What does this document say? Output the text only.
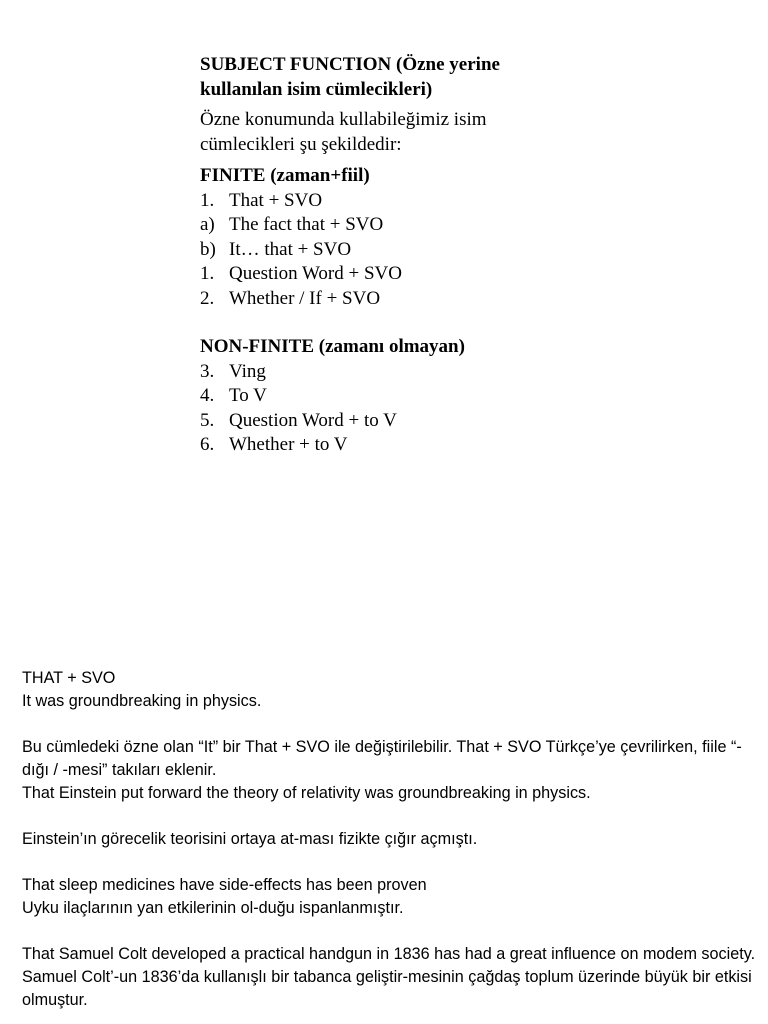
SUBJECT FUNCTION (Özne yerine kullanılan isim cümlecikleri)

Özne konumunda kullabileğimiz isim cümlecikleri şu şekildedir:

FINITE (zaman+fiil)

1. That + SVO
a) The fact that + SVO
b) It… that + SVO
1. Question Word + SVO
2. Whether / If + SVO

NON-FINITE (zamanı olmayan)

3. Ving
4. To V
5. Question Word + to V
6. Whether + to V

THAT + SVO

It was groundbreaking in physics.

Bu cümledeki özne olan “It” bir That + SVO ile değiştirilebilir. That + SVO Türkçe’ye çevrilirken, fiile “-dığı / -mesi” takıları eklenir.

That Einstein put forward the theory of relativity was groundbreaking in physics.

Einstein’ın görecelik teorisini ortaya at-ması fizikte çığır açmıştı.

That sleep medicines have side-effects has been proven

Uyku ilaçlarının yan etkilerinin ol-duğu ispanlanmıştır.

That Samuel Colt developed a practical handgun in 1836 has had a great influence on modem society.

Samuel Colt’-un 1836’da kullanışlı bir tabanca geliştir-mesinin çağdaş toplum üzerinde büyük bir etkisi olmuştur.
